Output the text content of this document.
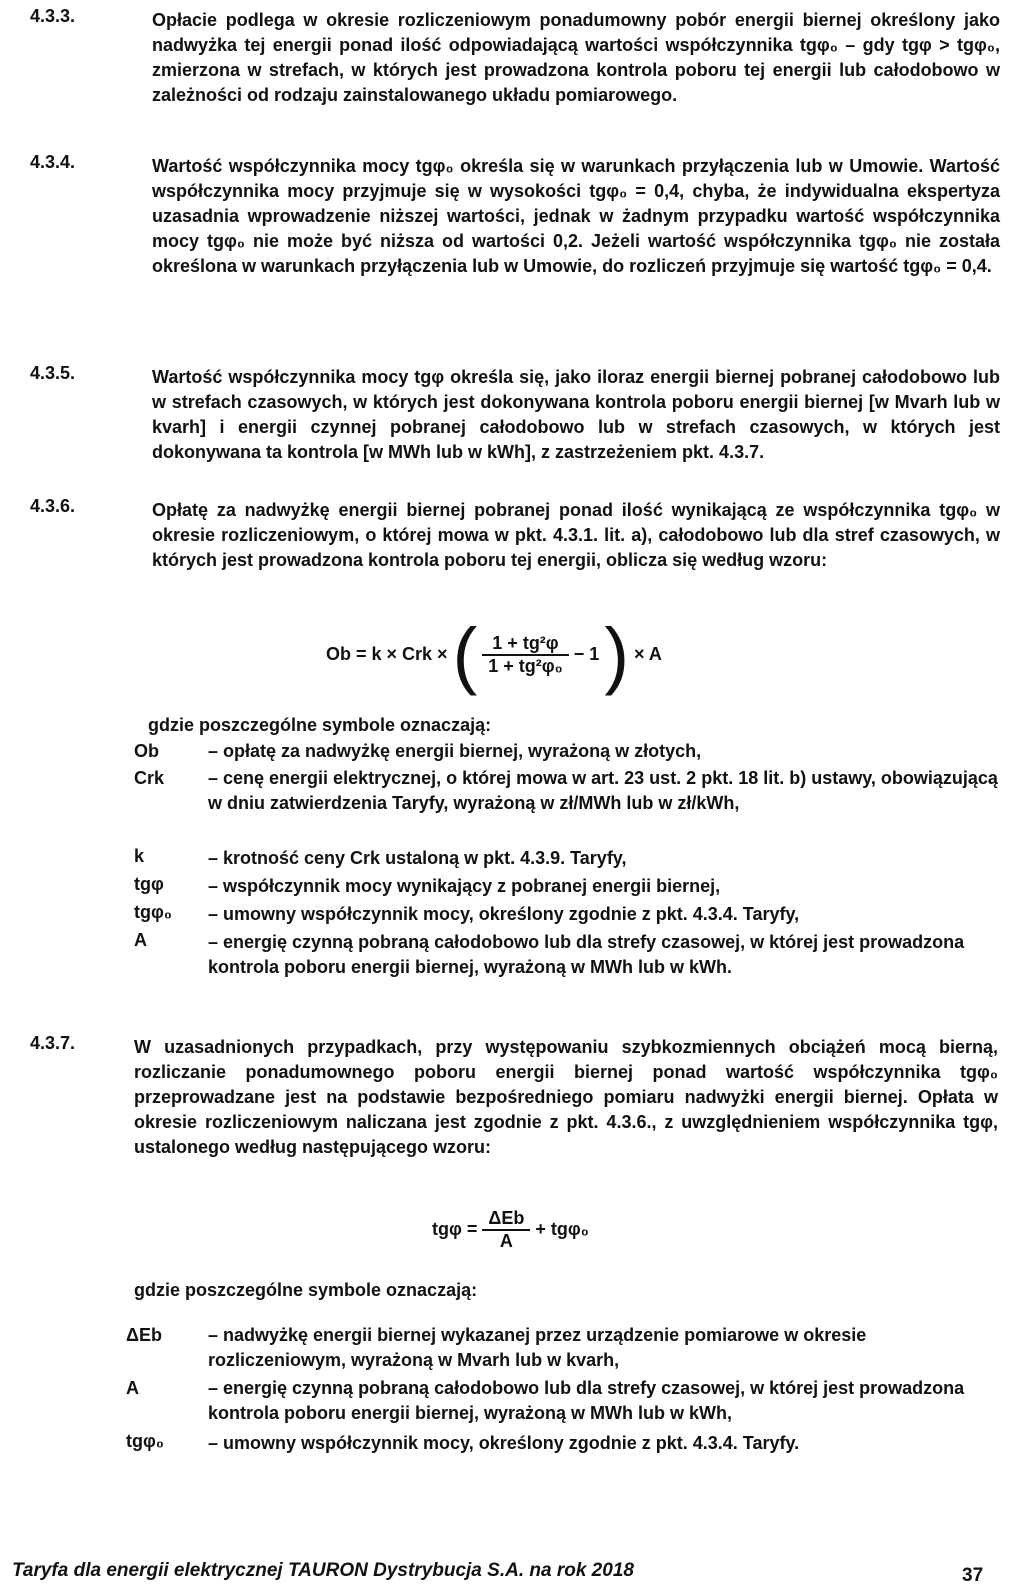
4.3.3.	Opłacie podlega w okresie rozliczeniowym ponadumowny pobór energii biernej określony jako nadwyżka tej energii ponad ilość odpowiadającą wartości współczynnika tgφ₀ – gdy tgφ > tgφ₀, zmierzona w strefach, w których jest prowadzona kontrola poboru tej energii lub całodobowo w zależności od rodzaju zainstalowanego układu pomiarowego.
4.3.4.	Wartość współczynnika mocy tgφ₀ określa się w warunkach przyłączenia lub w Umowie. Wartość współczynnika mocy przyjmuje się w wysokości tgφ₀ = 0,4, chyba, że indywidualna ekspertyza uzasadnia wprowadzenie niższej wartości, jednak w żadnym przypadku wartość współczynnika mocy tgφ₀ nie może być niższa od wartości 0,2. Jeżeli wartość współczynnika tgφ₀ nie została określona w warunkach przyłączenia lub w Umowie, do rozliczeń przyjmuje się wartość tgφ₀ = 0,4.
4.3.5.	Wartość współczynnika mocy tgφ określa się, jako iloraz energii biernej pobranej całodobowo lub w strefach czasowych, w których jest dokonywana kontrola poboru energii biernej [w Mvarh lub w kvarh] i energii czynnej pobranej całodobowo lub w strefach czasowych, w których jest dokonywana ta kontrola [w MWh lub w kWh], z zastrzeżeniem pkt. 4.3.7.
4.3.6.	Opłatę za nadwyżkę energii biernej pobranej ponad ilość wynikającą ze współczynnika tgφ₀ w okresie rozliczeniowym, o której mowa w pkt. 4.3.1. lit. a), całodobowo lub dla stref czasowych, w których jest prowadzona kontrola poboru tej energii, oblicza się według wzoru:
Ob = k × Crk × ( $\frac{\text{1 + tg²φ}}{\text{1 + tg²φ₀}} - 1$ ) × A
gdzie poszczególne symbole oznaczają:
Ob	– opłatę za nadwyżkę energii biernej, wyrażoną w złotych,
Crk – cenę energii elektrycznej, o której mowa w art. 23 ust. 2 pkt. 18 lit. b) ustawy, obowiązującą w dniu zatwierdzenia Taryfy, wyrażoną w zł/MWh lub w zł/kWh,
k	– krotność ceny Crk ustaloną w pkt. 4.3.9. Taryfy,
tgφ – współczynnik mocy wynikający z pobranej energii biernej,
tgφ₀ – umowny współczynnik mocy, określony zgodnie z pkt. 4.3.4. Taryfy,
A	– energię czynną pobraną całodobowo lub dla strefy czasowej, w której jest prowadzona kontrola poboru energii biernej, wyrażoną w MWh lub w kWh.
4.3.7.	W uzasadnionych przypadkach, przy występowaniu szybkozmiennych obciążeń mocą bierną, rozliczanie ponadumownego poboru energii biernej ponad wartość współczynnika tgφ₀ przeprowadzane jest na podstawie bezpośredniego pomiaru nadwyżki energii biernej. Opłata w okresie rozliczeniowym naliczana jest zgodnie z pkt. 4.3.6., z uwzględnieniem współczynnika tgφ, ustalonego według następującego wzoru:
$tg\varphi = \frac{\text{ΔEb}}{A} + tg\varphi_0$
gdzie poszczególne symbole oznaczają:
ΔEb	– nadwyżkę energii biernej wykazanej przez urządzenie pomiarowe w okresie rozliczeniowym, wyrażoną w Mvarh lub w kvarh,
A	– energię czynną pobraną całodobowo lub dla strefy czasowej, w której jest prowadzona kontrola poboru energii biernej, wyrażoną w MWh lub w kWh,
tgφ₀ – umowny współczynnik mocy, określony zgodnie z pkt. 4.3.4. Taryfy.
Taryfa dla energii elektrycznej TAURON Dystrybucja S.A. na rok 2018	37
